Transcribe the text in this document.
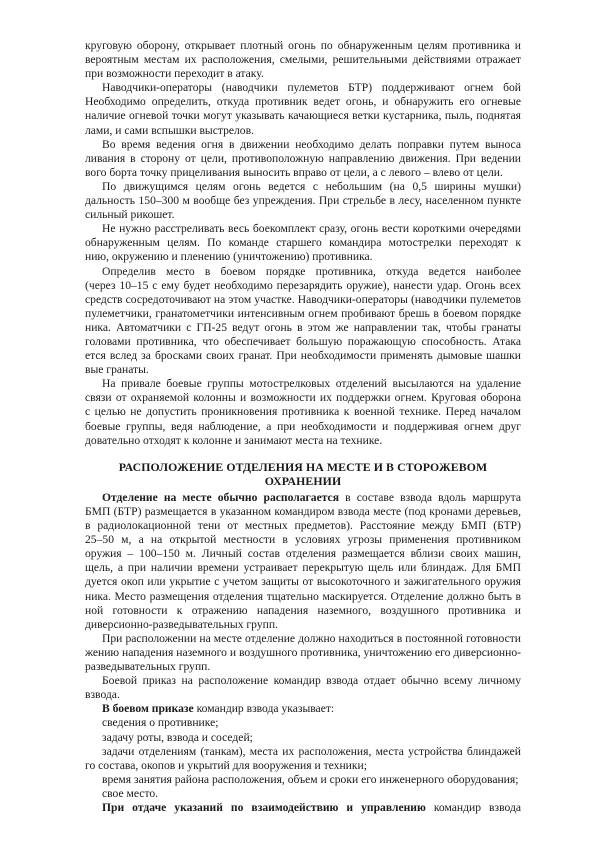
круговую оборону, открывает плотный огонь по обнаруженным целям противника и
вероятным местам их расположения, смелыми, решительными действиями отражает
при возможности переходит в атаку.
Наводчики-операторы (наводчики пулеметов БТР) поддерживают огнем бой
Необходимо определить, откуда противник ведет огонь, и обнаружить его огневые
наличие огневой точки могут указывать качающиеся ветки кустарника, пыль, поднятая
лами, и сами вспышки выстрелов.
Во время ведения огня в движении необходимо делать поправки путем выноса
ливания в сторону от цели, противоположную направлению движения. При ведении
вого борта точку прицеливания выносить вправо от цели, а с левого – влево от цели.
По движущимся целям огонь ведется с небольшим (на 0,5 ширины мушки)
дальность 150–300 м вообще без упреждения. При стрельбе в лесу, населенном пункте
сильный рикошет.
Не нужно расстреливать весь боекомплект сразу, огонь вести короткими очередями
обнаруженным целям. По команде старшего командира мотострелки переходят к
нию, окружению и пленению (уничтожению) противника.
Определив место в боевом порядке противника, откуда ведется наиболее
(через 10–15 с ему будет необходимо перезарядить оружие), нанести удар. Огонь всех
средств сосредоточивают на этом участке. Наводчики-операторы (наводчики пулеметов
пулеметчики, гранатометчики интенсивным огнем пробивают брешь в боевом порядке
ника. Автоматчики с ГП-25 ведут огонь в этом же направлении так, чтобы гранаты
головами противника, что обеспечивает большую поражающую способность. Атака
ется вслед за бросками своих гранат. При необходимости применять дымовые шашки
вые гранаты.
На привале боевые группы мотострелковых отделений высылаются на удаление
связи от охраняемой колонны и возможности их поддержки огнем. Круговая оборона
с целью не допустить проникновения противника к военной технике. Перед началом
боевые группы, ведя наблюдение, а при необходимости и поддерживая огнем друг
довательно отходят к колонне и занимают места на технике.
РАСПОЛОЖЕНИЕ ОТДЕЛЕНИЯ НА МЕСТЕ И В СТОРОЖЕВОМ ОХРАНЕНИИ
Отделение на месте обычно располагается в составе взвода вдоль маршрута
БМП (БТР) размещается в указанном командиром взвода месте (под кронами деревьев,
в радиолокационной тени от местных предметов). Расстояние между БМП (БТР)
25–50 м, а на открытой местности в условиях угрозы применения противником
оружия – 100–150 м. Личный состав отделения размещается вблизи своих машин,
щель, а при наличии времени устраивает перекрытую щель или блиндаж. Для БМП
дуется окоп или укрытие с учетом защиты от высокоточного и зажигательного оружия
ника. Место размещения отделения тщательно маскируется. Отделение должно быть в
ной готовности к отражению нападения наземного, воздушного противника и
диверсионно-разведывательных групп.
При расположении на месте отделение должно находиться в постоянной готовности
жению нападения наземного и воздушного противника, уничтожению его диверсионно-
разведывательных групп.
Боевой приказ на расположение командир взвода отдает обычно всему личному
взвода.
В боевом приказе командир взвода указывает:
сведения о противнике;
задачу роты, взвода и соседей;
задачи отделениям (танкам), места их расположения, места устройства блиндажей
го состава, окопов и укрытий для вооружения и техники;
время занятия района расположения, объем и сроки его инженерного оборудования;
свое место.
При отдаче указаний по взаимодействию и управлению командир взвода
